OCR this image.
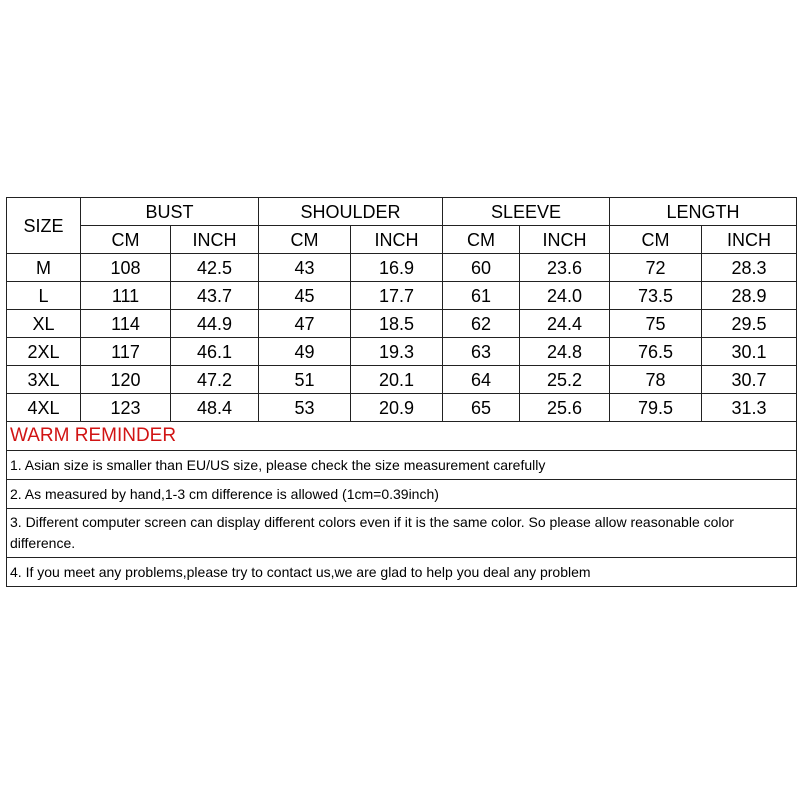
SIZE	BUST		SHOULDER		SLEEVE		LENGTH	
	CM	INCH	CM	INCH	CM	INCH	CM	INCH
M	108	42.5	43	16.9	60	23.6	72	28.3
L	111	43.7	45	17.7	61	24.0	73.5	28.9
XL	114	44.9	47	18.5	62	24.4	75	29.5
2XL	117	46.1	49	19.3	63	24.8	76.5	30.1
3XL	120	47.2	51	20.1	64	25.2	78	30.7
4XL	123	48.4	53	20.9	65	25.6	79.5	31.3
WARM REMINDER								
1. Asian size is smaller than EU/US size, please check the size measurement carefully								
2. As measured by hand,1-3 cm difference is allowed (1cm=0.39inch)								
3. Different computer screen can display different colors even if it is the same color. So please allow reasonable color difference.								
4. If you meet any problems,please try to contact us,we are glad to help you deal any problem								
